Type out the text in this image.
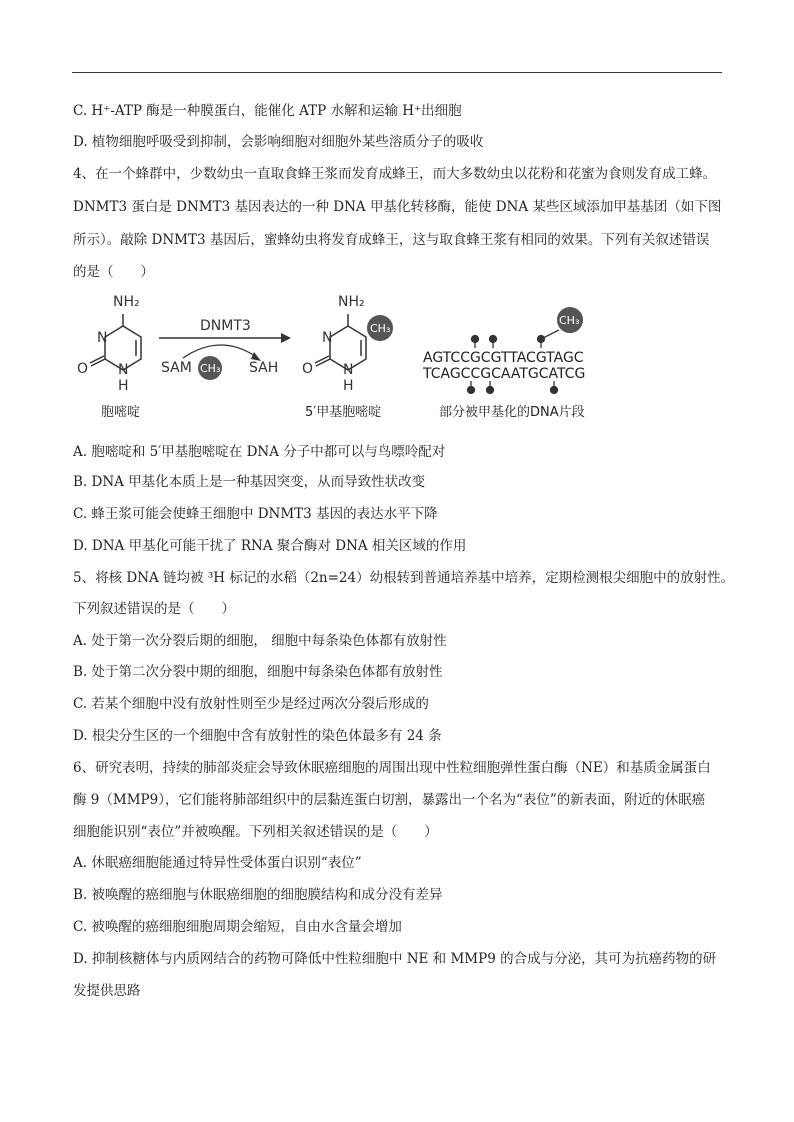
C. H⁺-ATP 酶是一种膜蛋白，能催化 ATP 水解和运输 H⁺出细胞
D. 植物细胞呼吸受到抑制，会影响细胞对细胞外某些溶质分子的吸收
4、在一个蜂群中，少数幼虫一直取食蜂王浆而发育成蜂王，而大多数幼虫以花粉和花蜜为食则发育成工蜂。
DNMT3 蛋白是 DNMT3 基因表达的一种 DNA 甲基化转移酶，能使 DNA 某些区域添加甲基基团（如下图
所示）。敲除 DNMT3 基因后，蜜蜂幼虫将发育成蜂王，这与取食蜂王浆有相同的效果。下列有关叙述错误
的是（　　）
NH₂
N
O N
H
胞嘧啶
DNMT3
SAM CH₃ SAH
CH₃
NH₂
N
O N
H
5′甲基胞嘧啶
CH₃
AGTCCGCGTTACGTAGC
TCAGCCGCAATGCATCG
部分被甲基化的DNA片段
A. 胞嘧啶和 5′甲基胞嘧啶在 DNA 分子中都可以与鸟嘌呤配对
B. DNA 甲基化本质上是一种基因突变，从而导致性状改变
C. 蜂王浆可能会使蜂王细胞中 DNMT3 基因的表达水平下降
D. DNA 甲基化可能干扰了 RNA 聚合酶对 DNA 相关区域的作用
5、将核 DNA 链均被 ³H 标记的水稻（2n=24）幼根转到普通培养基中培养，定期检测根尖细胞中的放射性。
下列叙述错误的是（　　）
A. 处于第一次分裂后期的细胞， 细胞中每条染色体都有放射性
B. 处于第二次分裂中期的细胞，细胞中每条染色体都有放射性
C. 若某个细胞中没有放射性则至少是经过两次分裂后形成的
D. 根尖分生区的一个细胞中含有放射性的染色体最多有 24 条
6、研究表明，持续的肺部炎症会导致休眠癌细胞的周围出现中性粒细胞弹性蛋白酶（NE）和基质金属蛋白
酶 9（MMP9），它们能将肺部组织中的层黏连蛋白切割，暴露出一个名为“表位”的新表面，附近的休眠癌
细胞能识别“表位”并被唤醒。下列相关叙述错误的是（　　）
A. 休眠癌细胞能通过特异性受体蛋白识别“表位”
B. 被唤醒的癌细胞与休眠癌细胞的细胞膜结构和成分没有差异
C. 被唤醒的癌细胞细胞周期会缩短，自由水含量会增加
D. 抑制核糖体与内质网结合的药物可降低中性粒细胞中 NE 和 MMP9 的合成与分泌，其可为抗癌药物的研
发提供思路
